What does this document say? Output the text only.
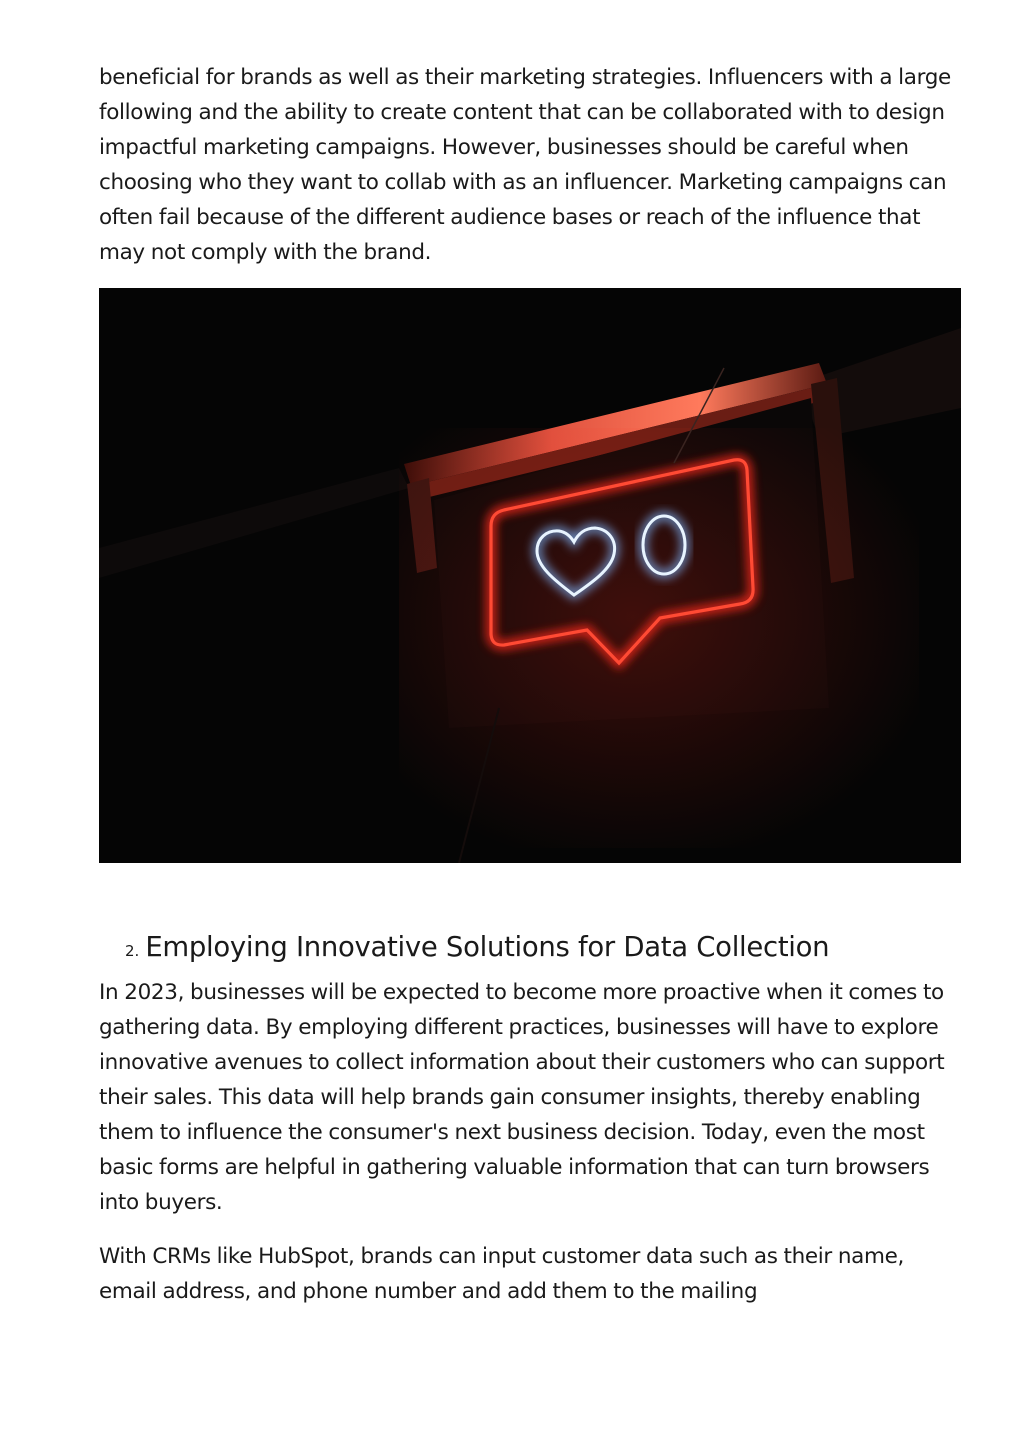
beneficial for brands as well as their marketing strategies. Influencers with a large following and the ability to create content that can be collaborated with to design impactful marketing campaigns. However, businesses should be careful when choosing who they want to collab with as an influencer. Marketing campaigns can often fail because of the different audience bases or reach of the influence that may not comply with the brand.

2. Employing Innovative Solutions for Data Collection

In 2023, businesses will be expected to become more proactive when it comes to gathering data. By employing different practices, businesses will have to explore innovative avenues to collect information about their customers who can support their sales. This data will help brands gain consumer insights, thereby enabling them to influence the consumer's next business decision. Today, even the most basic forms are helpful in gathering valuable information that can turn browsers into buyers.

With CRMs like HubSpot, brands can input customer data such as their name, email address, and phone number and add them to the mailing
